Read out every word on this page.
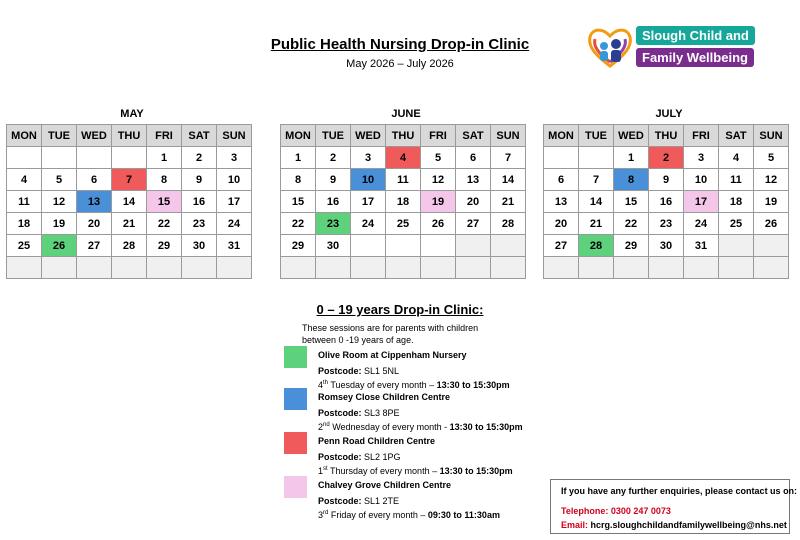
Public Health Nursing Drop-in Clinic
May 2026 – July 2026
Slough Child and
Family Wellbeing
MAY
MON	TUE	WED	THU	FRI	SAT	SUN
				1	2	3
4	5	6	7	8	9	10
11	12	13	14	15	16	17
18	19	20	21	22	23	24
25	26	27	28	29	30	31

JUNE
MON	TUE	WED	THU	FRI	SAT	SUN
1	2	3	4	5	6	7
8	9	10	11	12	13	14
15	16	17	18	19	20	21
22	23	24	25	26	27	28
29	30					

JULY
MON	TUE	WED	THU	FRI	SAT	SUN
		1	2	3	4	5
6	7	8	9	10	11	12
13	14	15	16	17	18	19
20	21	22	23	24	25	26
27	28	29	30	31		

0 – 19 years Drop-in Clinic:
These sessions are for parents with children between 0 -19 years of age.
Olive Room at Cippenham Nursery
Postcode: SL1 5NL
4th Tuesday of every month – 13:30 to 15:30pm
Romsey Close Children Centre
Postcode: SL3 8PE
2nd Wednesday of every month - 13:30 to 15:30pm
Penn Road Children Centre
Postcode: SL2 1PG
1st Thursday of every month – 13:30 to 15:30pm
Chalvey Grove Children Centre
Postcode: SL1 2TE
3rd Friday of every month – 09:30 to 11:30am
If you have any further enquiries, please contact us on:
Telephone: 0300 247 0073
Email: hcrg.sloughchildandfamilywellbeing@nhs.net
